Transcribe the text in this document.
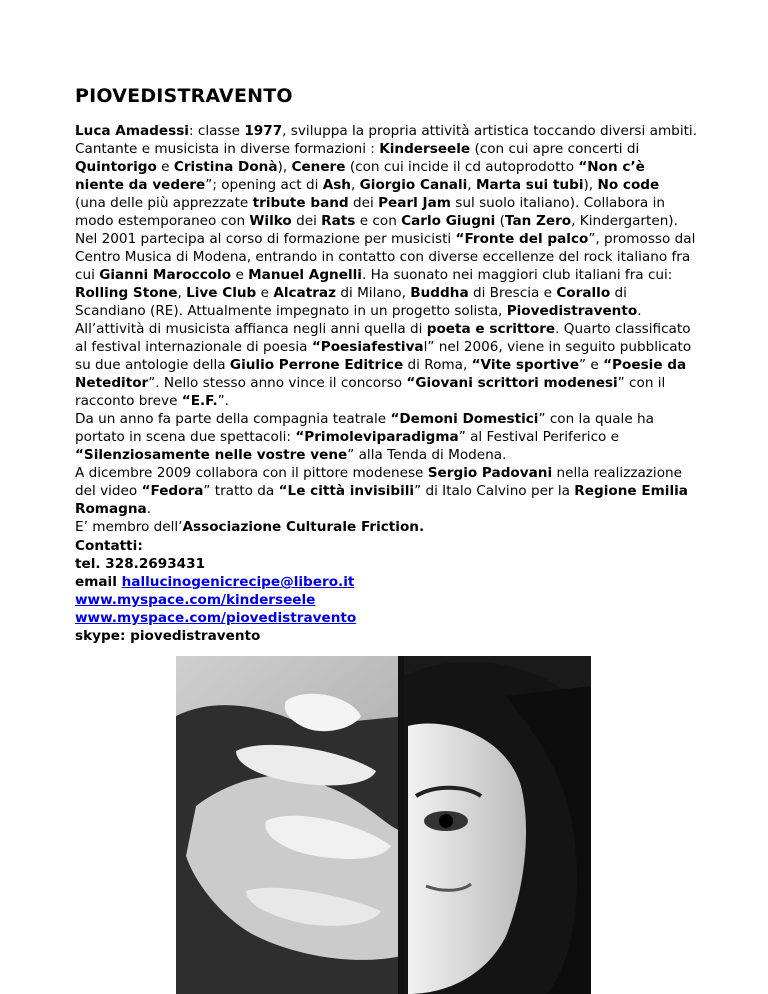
PIOVEDISTRAVENTO

Luca Amadessi: classe 1977, sviluppa la propria attività artistica toccando diversi ambiti.

Cantante e musicista in diverse formazioni : Kinderseele (con cui apre concerti di

Quintorigo e Cristina Donà), Cenere (con cui incide il cd autoprodotto “Non c’è

niente da vedere”; opening act di Ash, Giorgio Canali, Marta sui tubi), No code

(una delle più apprezzate tribute band dei Pearl Jam sul suolo italiano). Collabora in

modo estemporaneo con Wilko dei Rats e con Carlo Giugni (Tan Zero, Kindergarten).

Nel 2001 partecipa al corso di formazione per musicisti “Fronte del palco”, promosso dal

Centro Musica di Modena, entrando in contatto con diverse eccellenze del rock italiano fra

cui Gianni Maroccolo e Manuel Agnelli. Ha suonato nei maggiori club italiani fra cui:

Rolling Stone, Live Club e Alcatraz di Milano, Buddha di Brescia e Corallo di

Scandiano (RE). Attualmente impegnato in un progetto solista, Piovedistravento.

All’attività di musicista affianca negli anni quella di poeta e scrittore. Quarto classificato

al festival internazionale di poesia “Poesiafestival” nel 2006, viene in seguito pubblicato

su due antologie della Giulio Perrone Editrice di Roma, “Vite sportive” e “Poesie da

Neteditor”. Nello stesso anno vince il concorso “Giovani scrittori modenesi” con il

racconto breve “E.F.”.

Da un anno fa parte della compagnia teatrale “Demoni Domestici” con la quale ha

portato in scena due spettacoli: “Primoleviparadigma” al Festival Periferico e

“Silenziosamente nelle vostre vene” alla Tenda di Modena.

A dicembre 2009 collabora con il pittore modenese Sergio Padovani nella realizzazione

del video “Fedora” tratto da “Le città invisibili” di Italo Calvino per la Regione Emilia

Romagna.

E’ membro dell’Associazione Culturale Friction.

Contatti:

tel. 328.2693431

email hallucinogenicrecipe@libero.it

www.myspace.com/kinderseele

www.myspace.com/piovedistravento

skype: piovedistravento
